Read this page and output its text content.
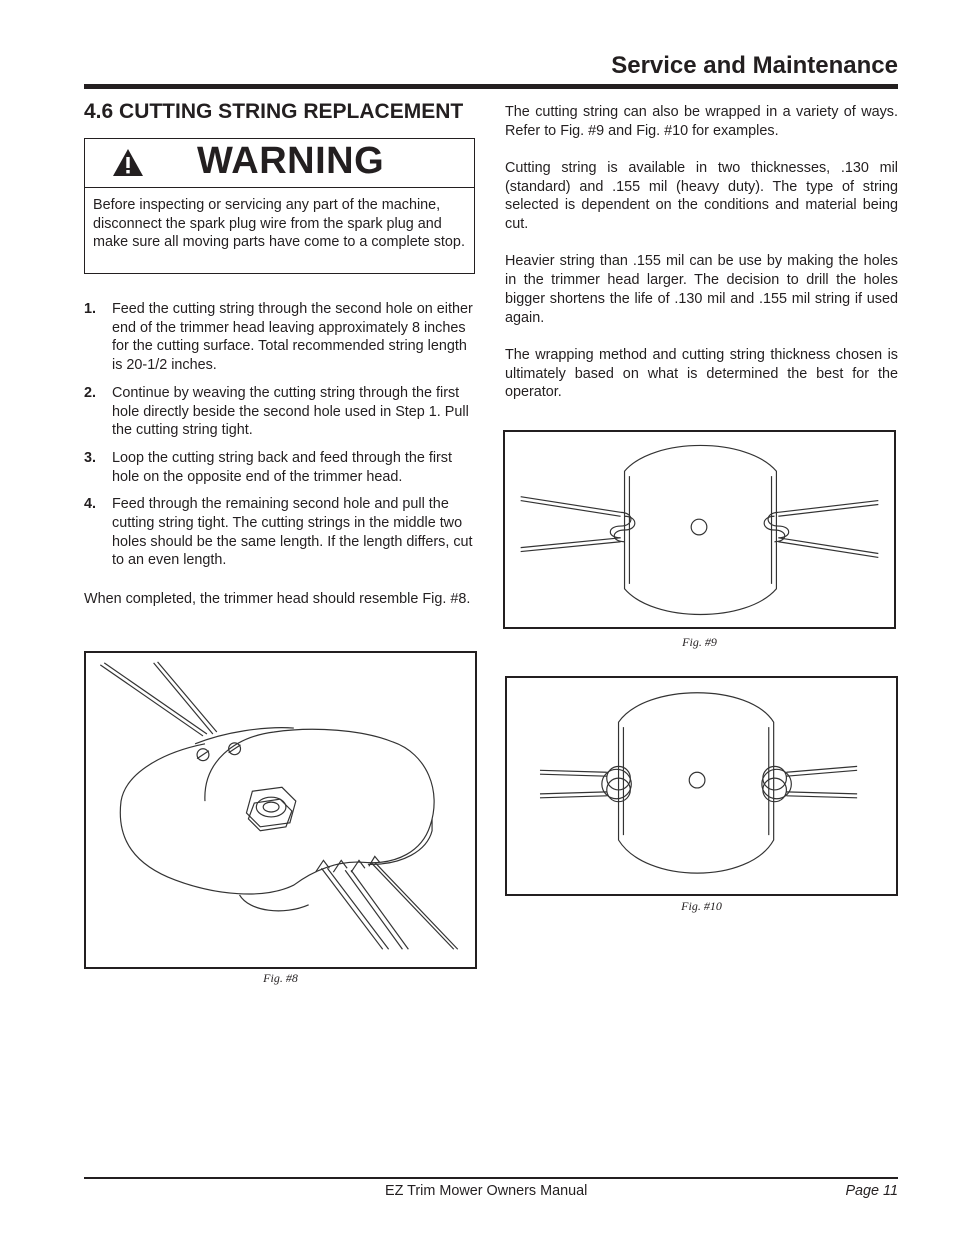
Service and Maintenance
4.6 CUTTING STRING REPLACEMENT
WARNING
Before inspecting or servicing any part of the machine, disconnect the spark plug wire from the spark plug and make sure all moving parts have come to a complete stop.
1.	Feed the cutting string through the second hole on either end of the trimmer head leaving approximately 8 inches for the cutting surface. Total recommended string length is 20-1/2 inches.
2.	Continue by weaving the cutting string through the first hole directly beside the second hole used in Step 1. Pull the cutting string tight.
3.	Loop the cutting string back and feed through the first hole on the opposite end of the trimmer head.
4.	Feed through the remaining second hole and pull the cutting string tight. The cutting strings in the middle two holes should be the same length. If the length differs, cut to an even length.
When completed, the trimmer head should resemble Fig. #8.
Fig. #8

The cutting string can also be wrapped in a variety of ways. Refer to Fig. #9 and Fig. #10 for examples.

Cutting string is available in two thicknesses, .130 mil (standard) and .155 mil (heavy duty). The type of string selected is dependent on the conditions and material being cut.

Heavier string than .155 mil can be use by making the holes in the trimmer head larger. The decision to drill the holes bigger shortens the life of .130 mil and .155 mil string if used again.

The wrapping method and cutting string thickness chosen is ultimately based on what is determined the best for the operator.

Fig. #9
Fig. #10
EZ Trim Mower Owners Manual	Page 11
